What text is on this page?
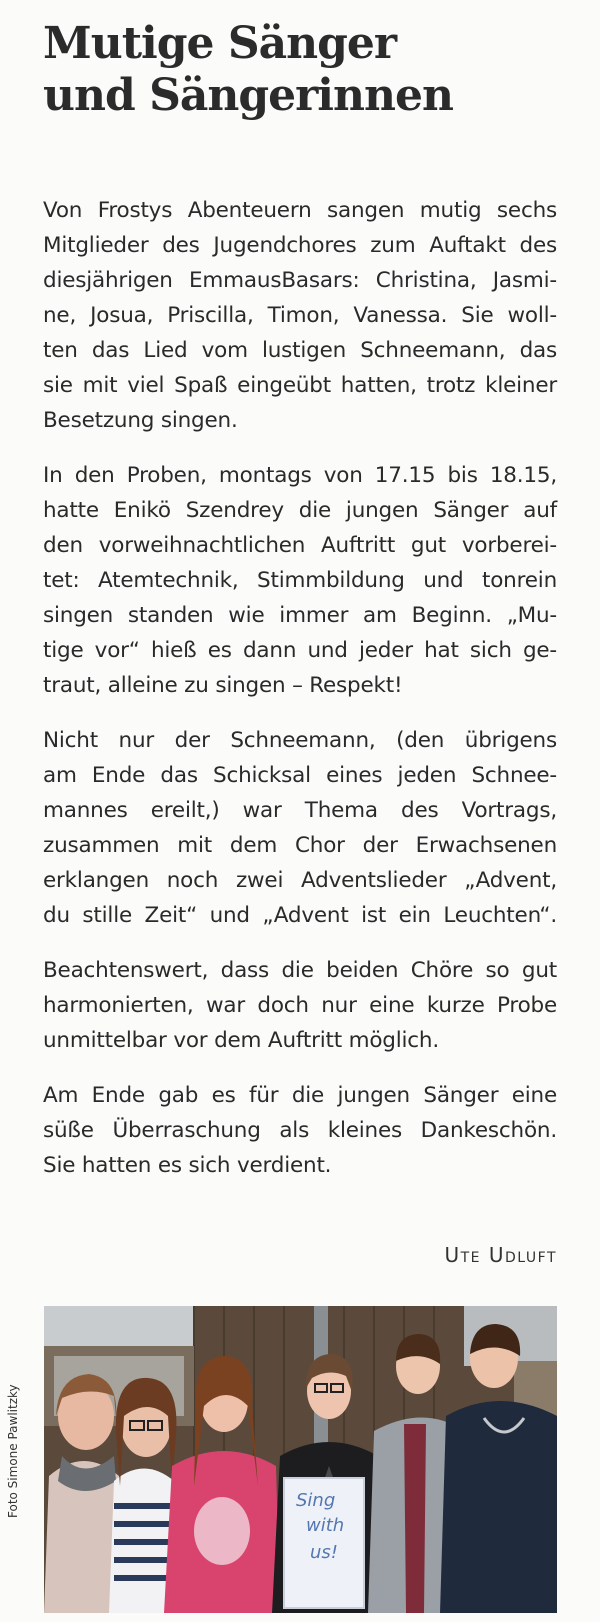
Mutige Sänger
und Sängerinnen

Von Frostys Abenteuern sangen mutig sechs
Mitglieder des Jugendchores zum Auftakt des
diesjährigen EmmausBasars: Christina, Jasmi-
ne, Josua, Priscilla, Timon, Vanessa. Sie woll-
ten das Lied vom lustigen Schneemann, das
sie mit viel Spaß eingeübt hatten, trotz kleiner
Besetzung singen.

In den Proben, montags von 17.15 bis 18.15,
hatte Enikö Szendrey die jungen Sänger auf
den vorweihnachtlichen Auftritt gut vorberei-
tet: Atemtechnik, Stimmbildung und tonrein
singen standen wie immer am Beginn. „Mu-
tige vor“ hieß es dann und jeder hat sich ge-
traut, alleine zu singen – Respekt!

Nicht nur der Schneemann, (den übrigens
am Ende das Schicksal eines jeden Schnee-
mannes ereilt,) war Thema des Vortrags,
zusammen mit dem Chor der Erwachsenen
erklangen noch zwei Adventslieder „Advent,
du stille Zeit“ und „Advent ist ein Leuchten“.

Beachtenswert, dass die beiden Chöre so gut
harmonierten, war doch nur eine kurze Probe
unmittelbar vor dem Auftritt möglich.

Am Ende gab es für die jungen Sänger eine
süße Überraschung als kleines Dankeschön.
Sie hatten es sich verdient.

Ute Udluft
Foto Simone Pawlitzky	Sing
with
us!
